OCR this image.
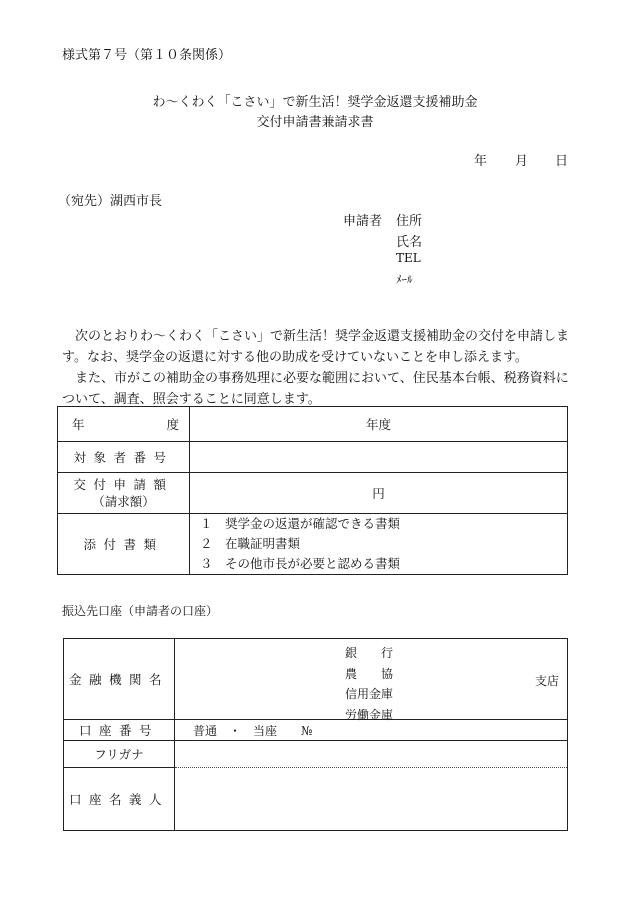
様式第７号（第１０条関係）
わ〜くわく「こさい」で新生活！奨学金返還支援補助金
交付申請書兼請求書
年 月 日
（宛先）湖西市長
申請者 住所
氏名
TEL
ﾒｰﾙ
次のとおりわ〜くわく「こさい」で新生活！奨学金返還支援補助金の交付を申請します。なお、奨学金の返還に対する他の助成を受けていないことを申し添えます。
また、市がこの補助金の事務処理に必要な範囲において、住民基本台帳、税務資料について、調査、照会することに同意します。
年 度	年度
対象者番号	

交付申請額
（請求額）	円
添付書類	１　奨学金の返還が確認できる書類
２　在職証明書類
３　その他市長が必要と認める書類
振込先口座（申請者の口座）
金融機関名	銀　　行
農　　協
信用金庫
労働金庫
支店

口座番号	普通　・　当座　　№
フリガナ	
口座名義人	
